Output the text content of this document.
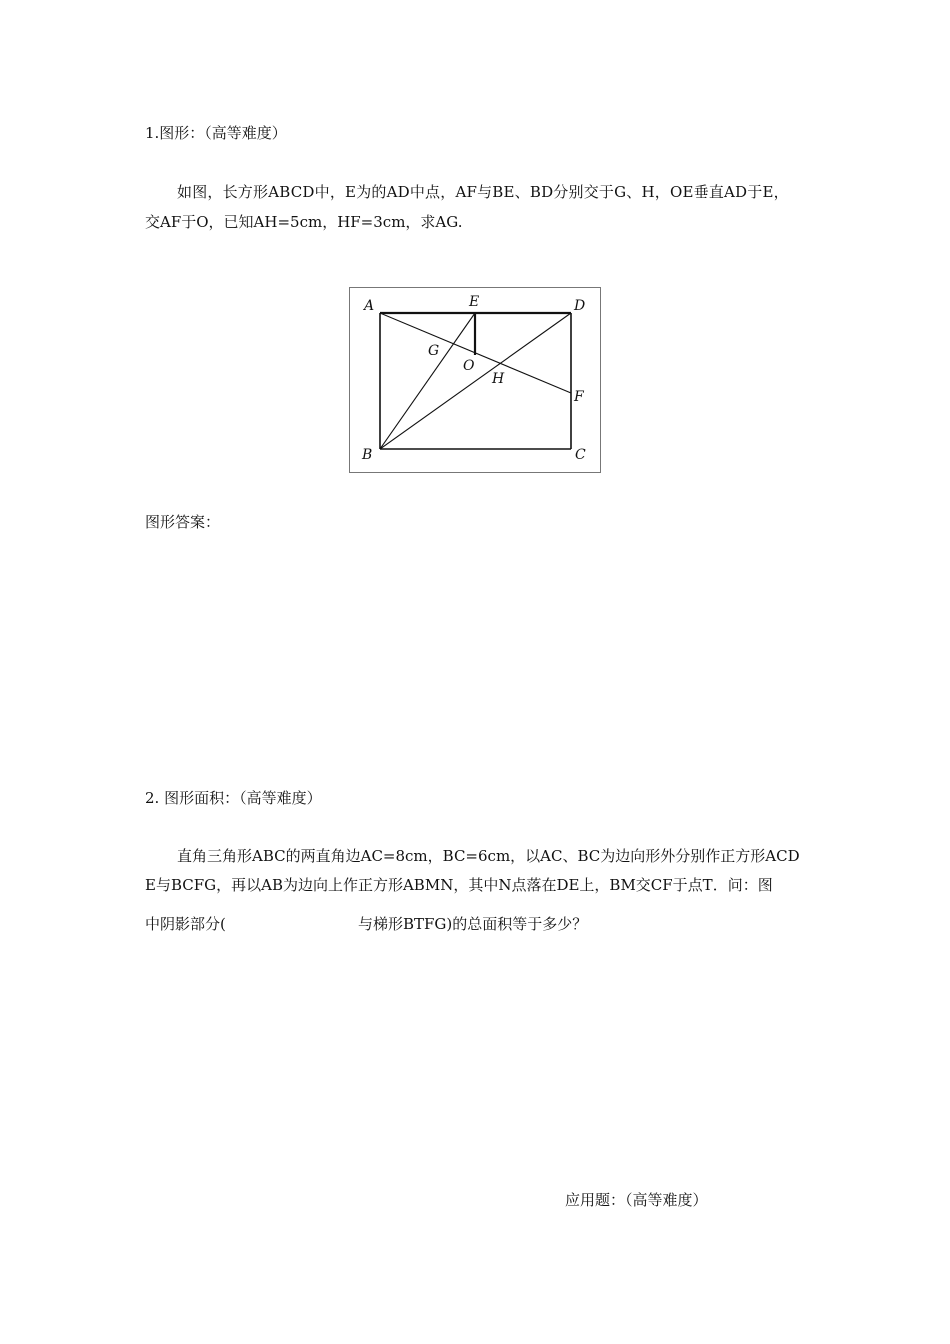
1.图形：（高等难度）
如图，长方形ABCD中，E为的AD中点，AF与BE、BD分别交于G、H，OE垂直AD于E，
交AF于O，已知AH=5cm，HF=3cm，求AG.
A	E	D
G
O
H
F
B	C
图形答案：
2. 图形面积：（高等难度）
直角三角形ABC的两直角边AC=8cm，BC=6cm，以AC、BC为边向形外分别作正方形ACD
E与BCFG，再以AB为边向上作正方形ABMN，其中N点落在DE上，BM交CF于点T．问：图
中阴影部分(	与梯形BTFG)的总面积等于多少？
应用题：（高等难度）
